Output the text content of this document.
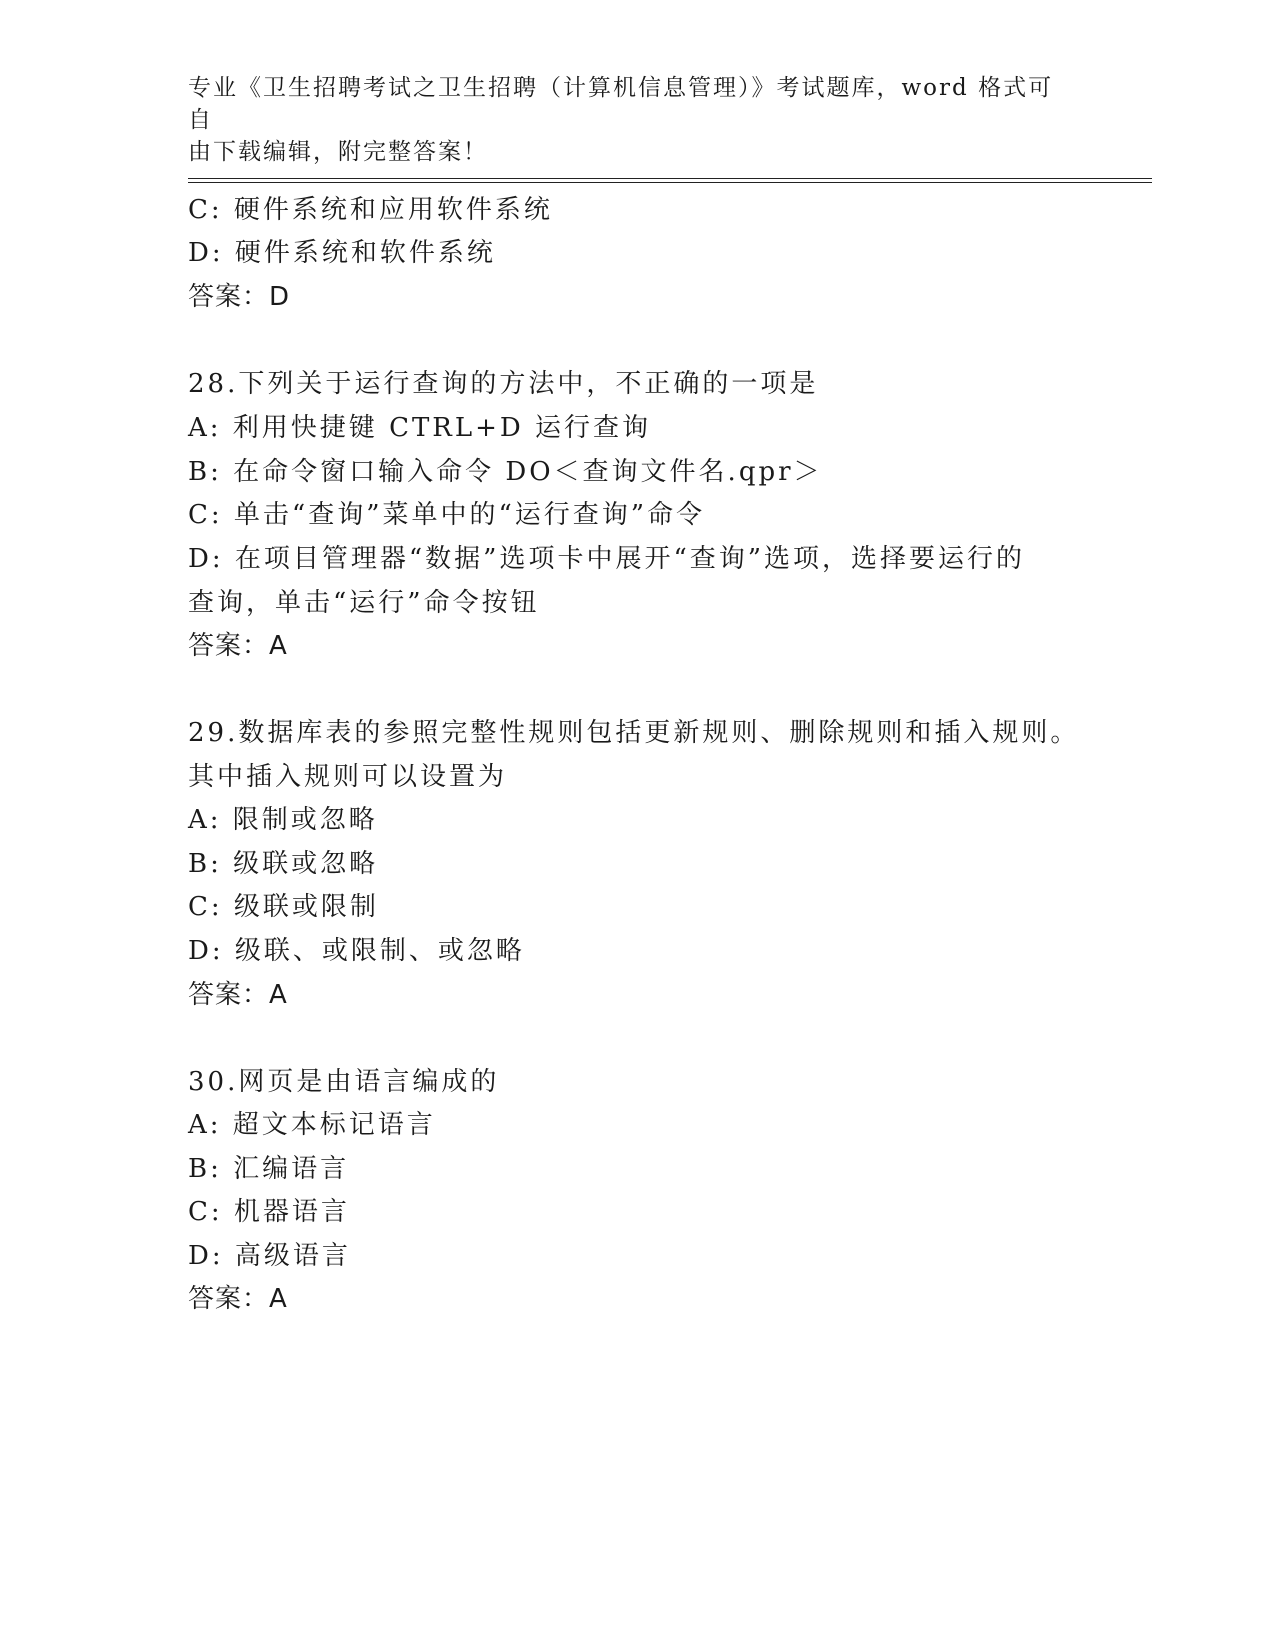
专业《卫生招聘考试之卫生招聘（计算机信息管理）》考试题库，word 格式可自
由下载编辑，附完整答案！
C: 硬件系统和应用软件系统
D: 硬件系统和软件系统
答案：D
28.下列关于运行查询的方法中，不正确的一项是
A: 利用快捷键 CTRL+D 运行查询
B: 在命令窗口输入命令 DO＜查询文件名.qpr＞
C: 单击“查询”菜单中的“运行查询”命令
D: 在项目管理器“数据”选项卡中展开“查询”选项，选择要运行的
查询，单击“运行”命令按钮
答案：A
29.数据库表的参照完整性规则包括更新规则、删除规则和插入规则。
其中插入规则可以设置为
A: 限制或忽略
B: 级联或忽略
C: 级联或限制
D: 级联、或限制、或忽略
答案：A
30.网页是由语言编成的
A: 超文本标记语言
B: 汇编语言
C: 机器语言
D: 高级语言
答案：A
